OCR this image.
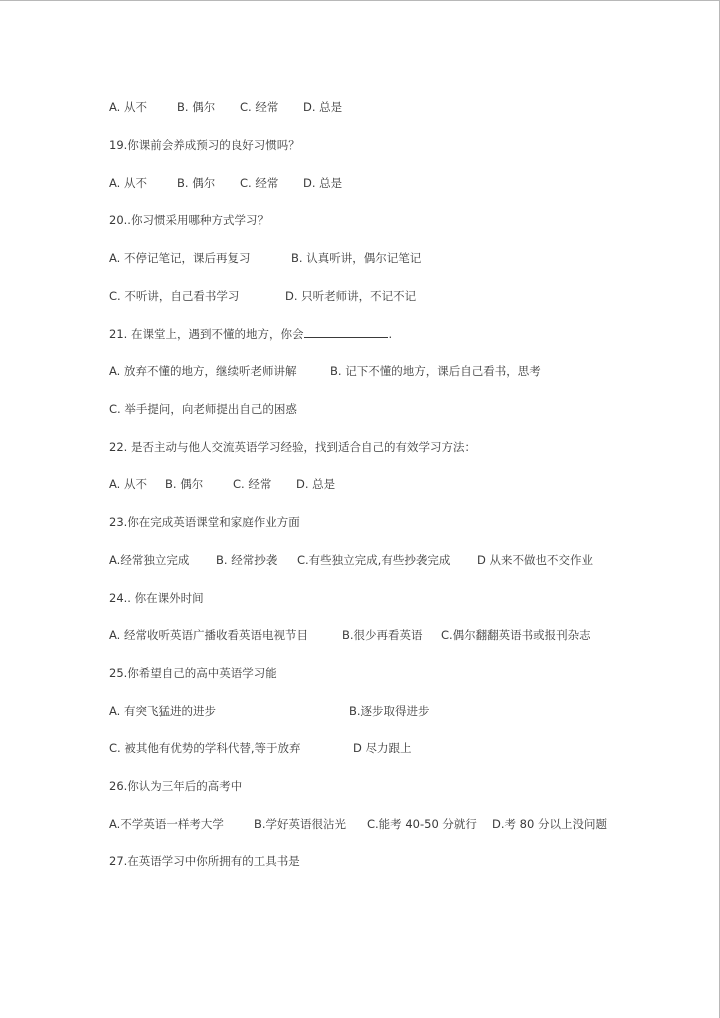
A. 从不	B. 偶尔 C. 经常 D. 总是
19.你课前会养成预习的良好习惯吗？
A. 从不	B. 偶尔 C. 经常 D. 总是
20..你习惯采用哪种方式学习？
A. 不停记笔记，课后再复习	B. 认真听讲，偶尔记笔记
C. 不听讲，自己看书学习	D. 只听老师讲，不记不记
21. 在课堂上，遇到不懂的地方，你会	.
A. 放弃不懂的地方，继续听老师讲解	B. 记下不懂的地方，课后自己看书，思考
C. 举手提问，向老师提出自己的困惑
22. 是否主动与他人交流英语学习经验，找到适合自己的有效学习方法：
A. 从不 B. 偶尔	C. 经常 D. 总是
23.你在完成英语课堂和家庭作业方面
A.经常独立完成 B. 经常抄袭 C.有些独立完成,有些抄袭完成 D 从来不做也不交作业
24.. 你在课外时间
A. 经常收听英语广播收看英语电视节目	B.很少再看英语 C.偶尔翻翻英语书或报刊杂志
25.你希望自己的高中英语学习能
A. 有突飞猛进的进步	B.逐步取得进步
C. 被其他有优势的学科代替,等于放弃	D 尽力跟上
26.你认为三年后的高考中
A.不学英语一样考大学	B.学好英语很沾光 C.能考 40-50 分就行 D.考 80 分以上没问题
27.在英语学习中你所拥有的工具书是
